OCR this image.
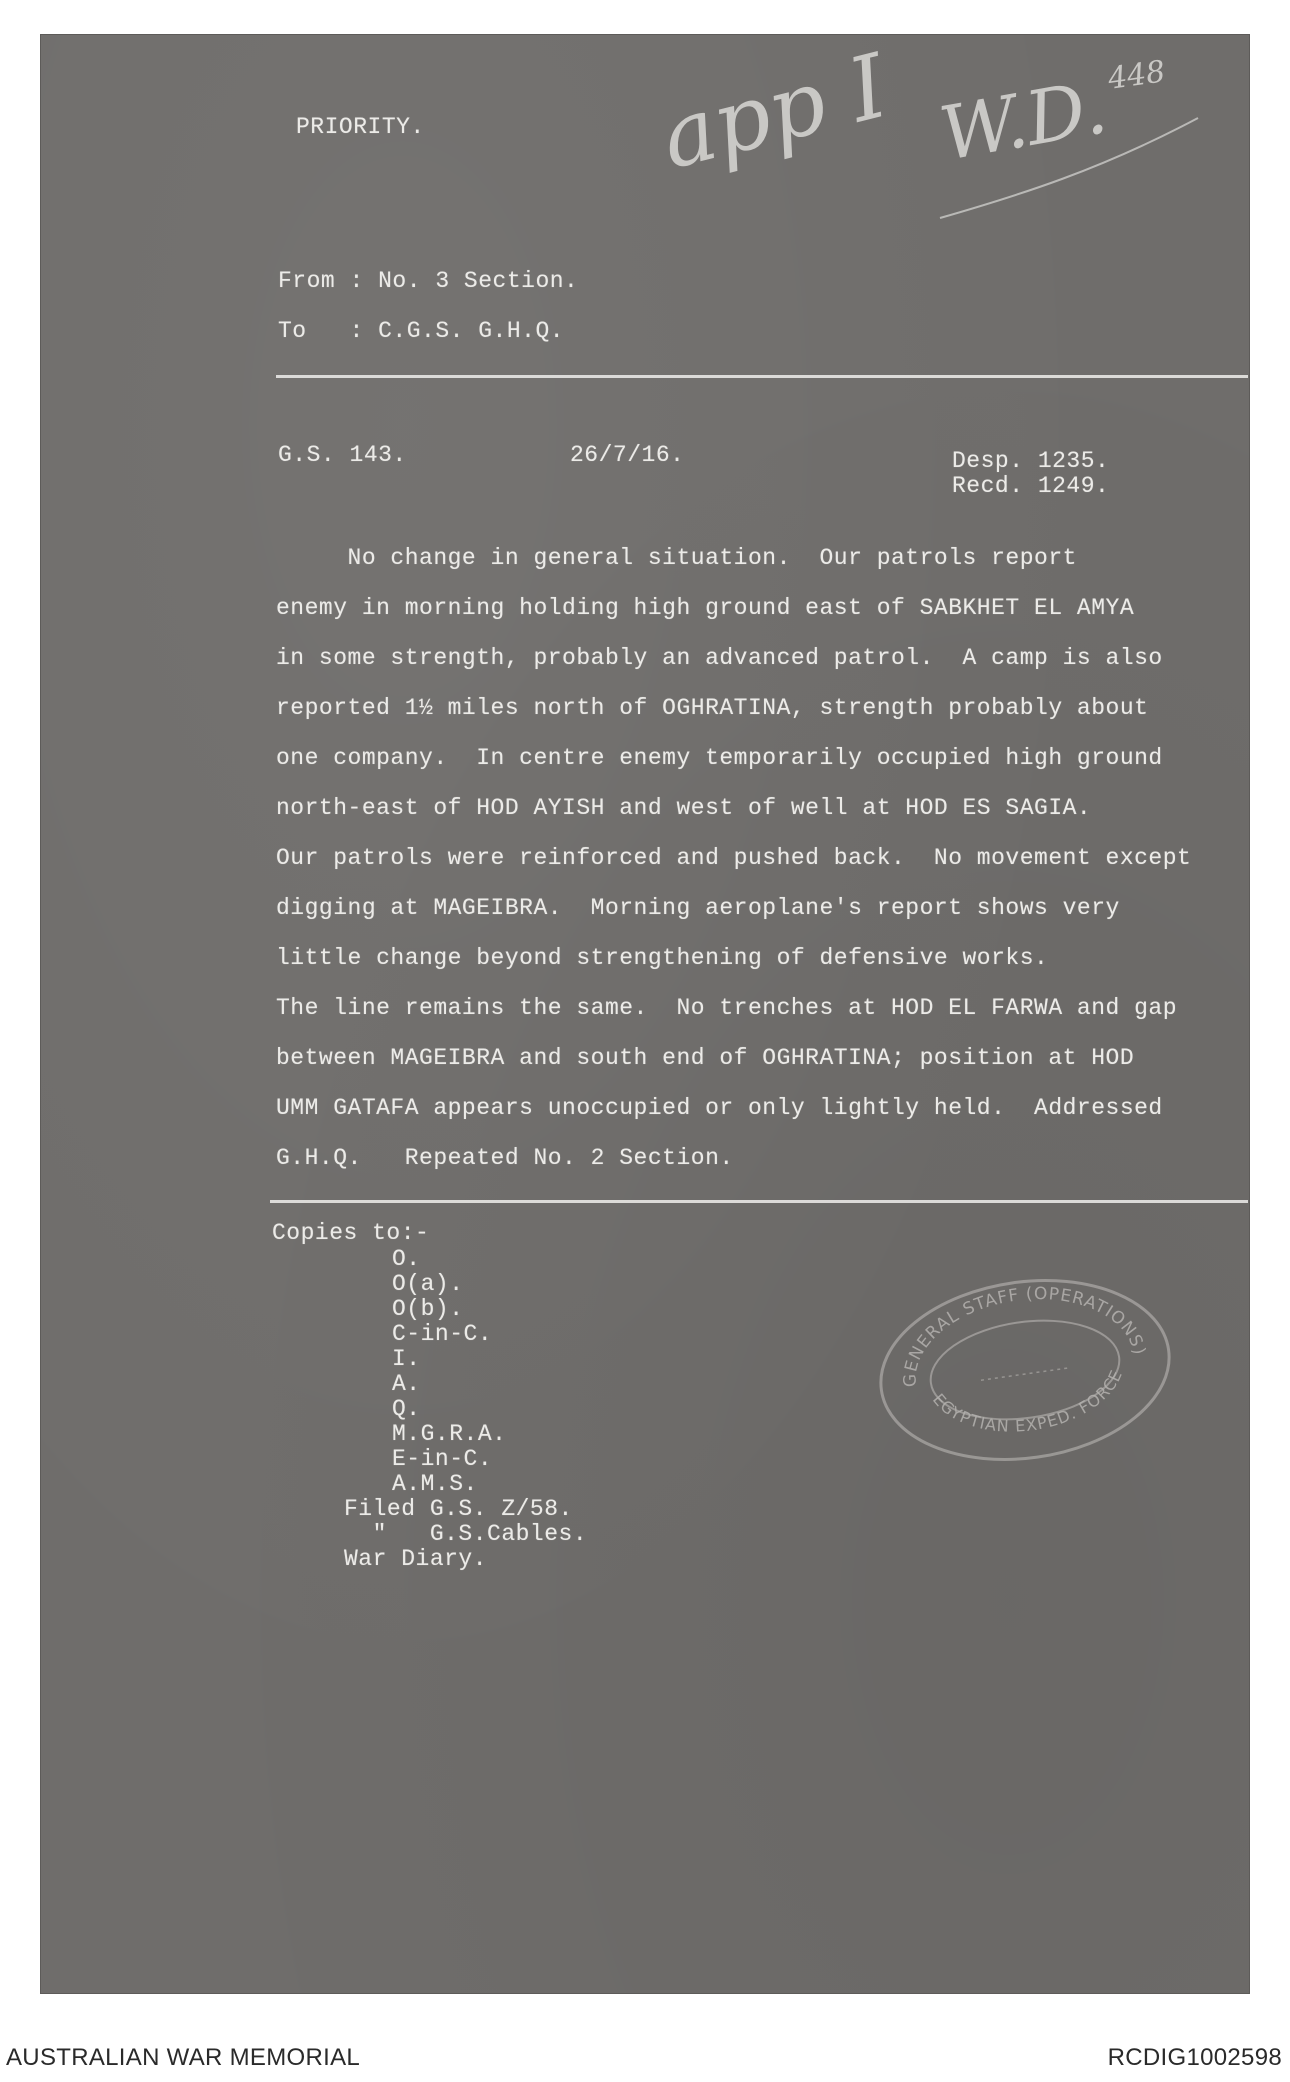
PRIORITY.
From : No. 3 Section.
To   : C.G.S. G.H.Q.
app I W.D.
448
G.S. 143.	26/7/16.	Desp. 1235.
Recd. 1249.
No change in general situation.  Our patrols report
enemy in morning holding high ground east of SABKHET EL AMYA
in some strength, probably an advanced patrol.  A camp is also
reported 1½ miles north of OGHRATINA, strength probably about
one company.  In centre enemy temporarily occupied high ground
north-east of HOD AYISH and west of well at HOD ES SAGIA.
Our patrols were reinforced and pushed back.  No movement except
digging at MAGEIBRA.  Morning aeroplane's report shows very
little change beyond strengthening of defensive works.
The line remains the same.  No trenches at HOD EL FARWA and gap
between MAGEIBRA and south end of OGHRATINA; position at HOD
UMM GATAFA appears unoccupied or only lightly held.  Addressed
G.H.Q.   Repeated No. 2 Section.
Copies to:-
O.
O(a).
O(b).
C-in-C.
I.
A.
Q.
M.G.R.A.
E-in-C.
A.M.S.
Filed G.S. Z/58.
"   G.S.Cables.
War Diary.
GENERAL STAFF (OPERATIONS)
EGYPTIAN EXPED. FORCE
AUSTRALIAN WAR MEMORIAL	RCDIG1002598
